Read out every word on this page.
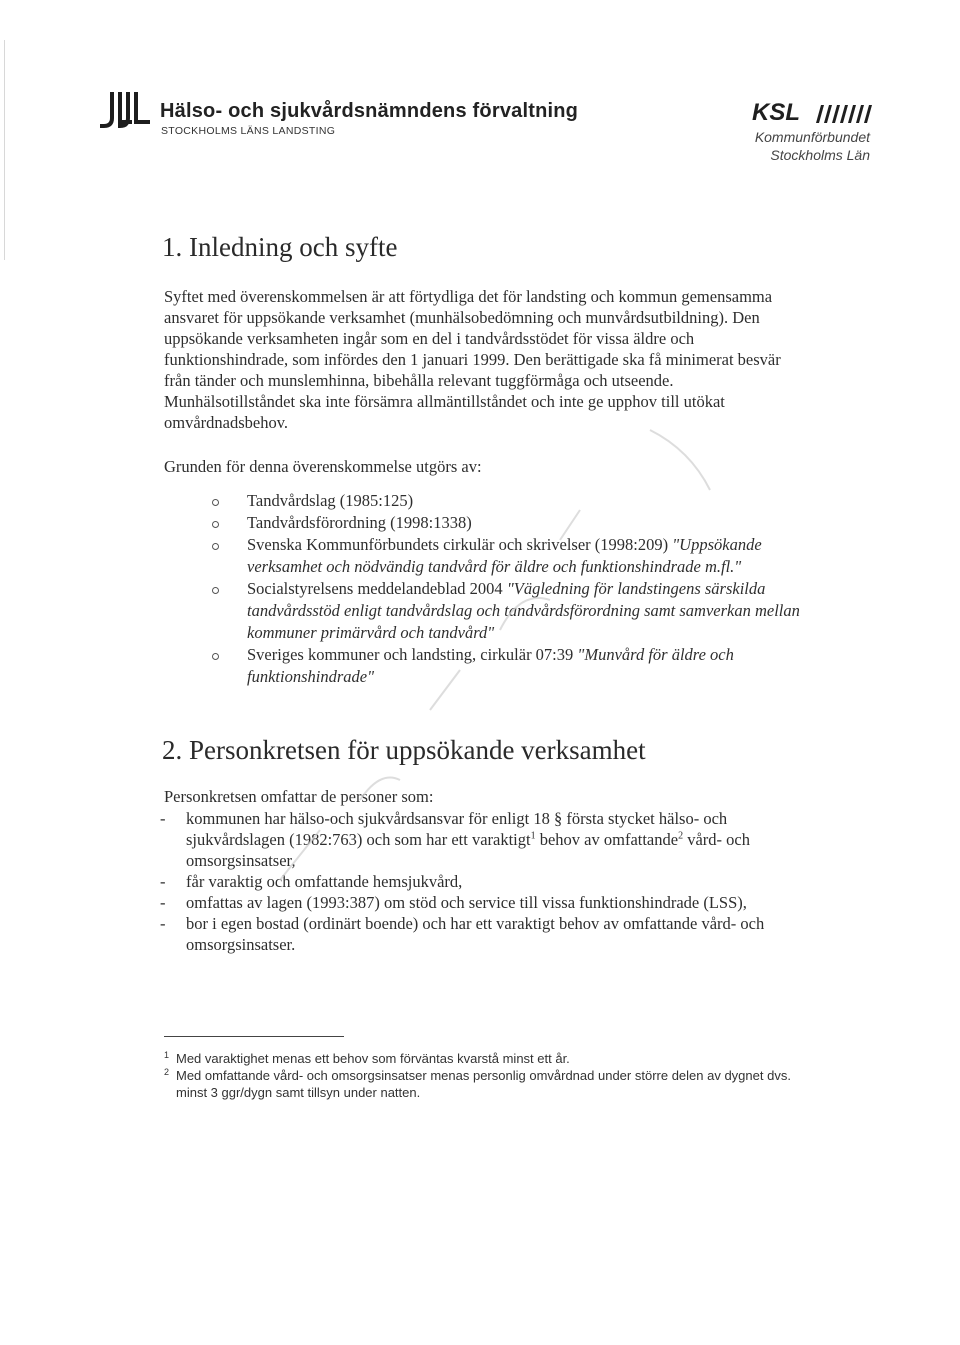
Hälso- och sjukvårdsnämndens förvaltning
STOCKHOLMS LÄNS LANDSTING
KSL
Kommunförbundet
Stockholms Län
1. Inledning och syfte
Syftet med överenskommelsen är att förtydliga det för landsting och kommun gemensamma ansvaret för uppsökande verksamhet (munhälsobedömning och munvårdsutbildning). Den uppsökande verksamheten ingår som en del i tandvårdsstödet för vissa äldre och funktionshindrade, som infördes den 1 januari 1999. Den berättigade ska få minimerat besvär från tänder och munslemhinna, bibehålla relevant tuggförmåga och utseende. Munhälsotillståndet ska inte försämra allmäntillståndet och inte ge upphov till utökat omvårdnadsbehov.
Grunden för denna överenskommelse utgörs av:
Tandvårdslag (1985:125)
Tandvårdsförordning (1998:1338)
Svenska Kommunförbundets cirkulär och skrivelser (1998:209) "Uppsökande verksamhet och nödvändig tandvård för äldre och funktionshindrade m.fl."
Socialstyrelsens meddelandeblad 2004 "Vägledning för landstingens särskilda tandvårdsstöd enligt tandvårdslag och tandvårdsförordning samt samverkan mellan kommuner primärvård och tandvård"
Sveriges kommuner och landsting, cirkulär 07:39 "Munvård för äldre och funktionshindrade"
2. Personkretsen för uppsökande verksamhet
Personkretsen omfattar de personer som:
- kommunen har hälso-och sjukvårdsansvar för enligt 18 § första stycket hälso- och sjukvårdslagen (1982:763) och som har ett varaktigt$^1$ behov av omfattande$^2$ vård- och omsorgsinsatser,
- får varaktig och omfattande hemsjukvård,
- omfattas av lagen (1993:387) om stöd och service till vissa funktionshindrade (LSS),
- bor i egen bostad (ordinärt boende) och har ett varaktigt behov av omfattande vård- och omsorgsinsatser.
1 Med varaktighet menas ett behov som förväntas kvarstå minst ett år.
2 Med omfattande vård- och omsorgsinsatser menas personlig omvårdnad under större delen av dygnet dvs. minst 3 ggr/dygn samt tillsyn under natten.
